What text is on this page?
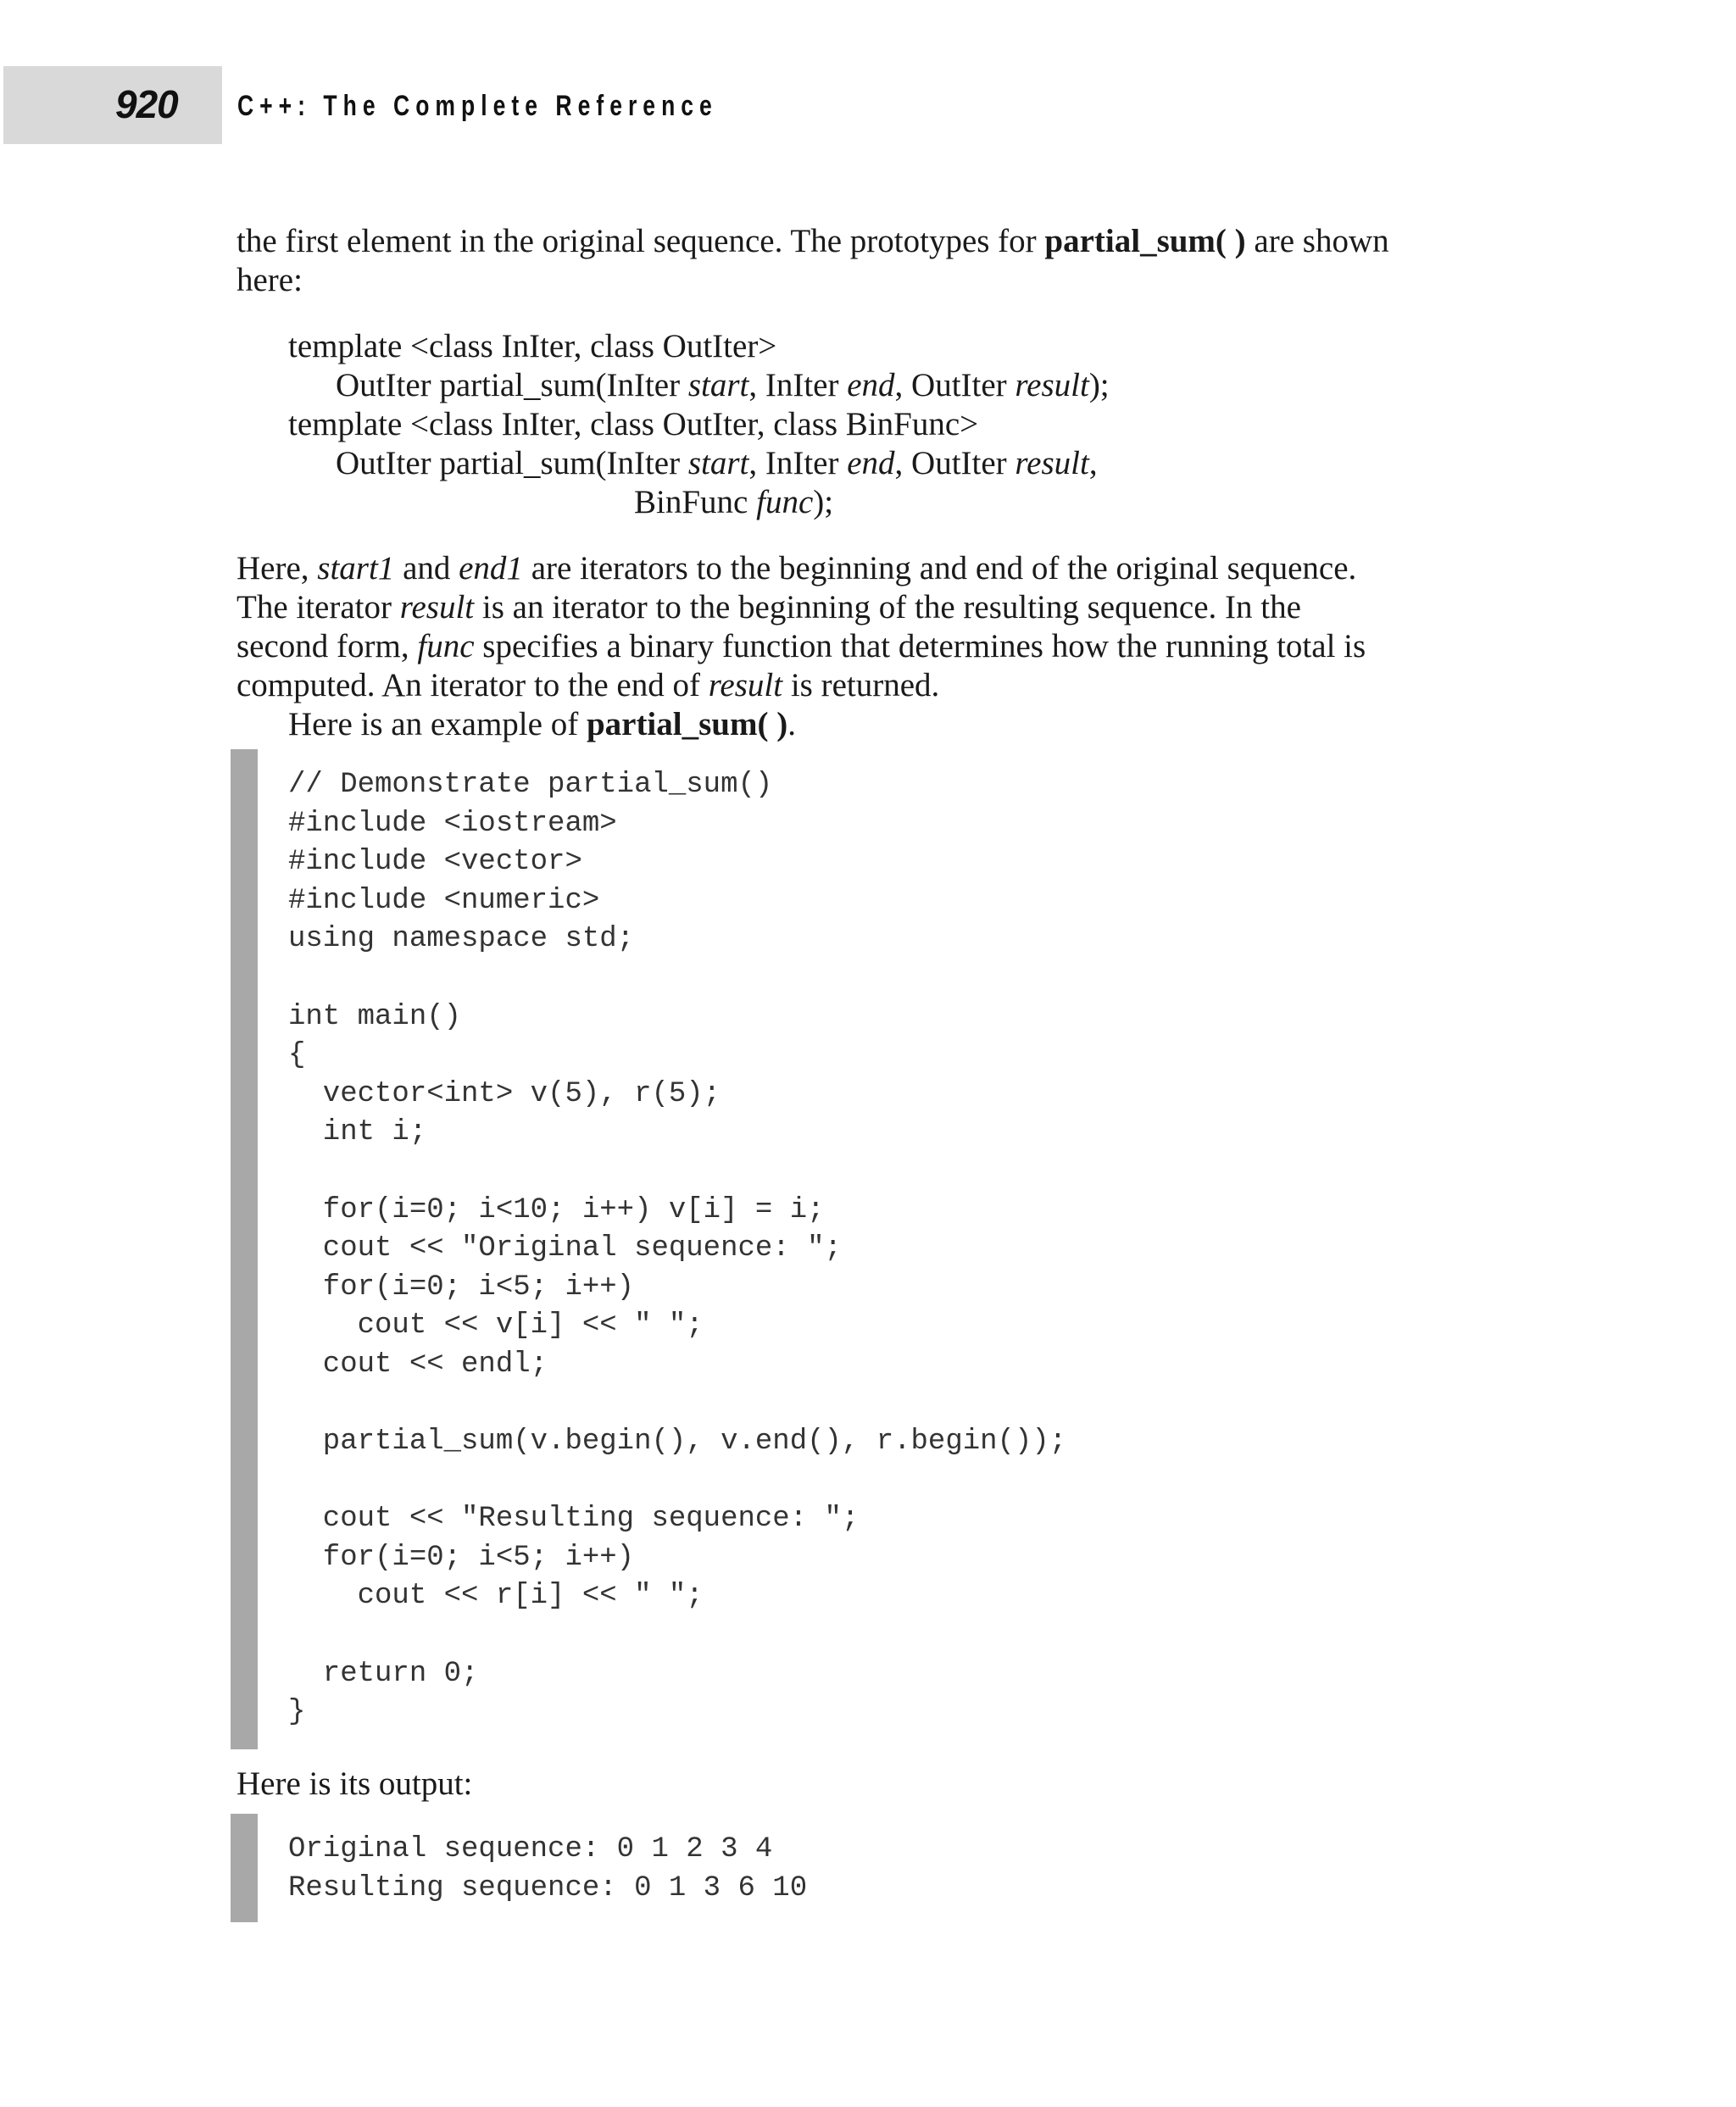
920 C++: The Complete Reference
the first element in the original sequence. The prototypes for partial_sum( ) are shown
here:
template <class InIter, class OutIter>
OutIter partial_sum(InIter start, InIter end, OutIter result);
template <class InIter, class OutIter, class BinFunc>
OutIter partial_sum(InIter start, InIter end, OutIter result,
BinFunc func);
Here, start1 and end1 are iterators to the beginning and end of the original sequence.
The iterator result is an iterator to the beginning of the resulting sequence. In the
second form, func specifies a binary function that determines how the running total is
computed. An iterator to the end of result is returned.
Here is an example of partial_sum( ).
// Demonstrate partial_sum()
#include <iostream>
#include <vector>
#include <numeric>
using namespace std;

int main()
{
vector<int> v(5), r(5);
int i;

for(i=0; i<10; i++) v[i] = i;
cout << "Original sequence: ";
for(i=0; i<5; i++)
cout << v[i] << " ";
cout << endl;

partial_sum(v.begin(), v.end(), r.begin());

cout << "Resulting sequence: ";
for(i=0; i<5; i++)
cout << r[i] << " ";

return 0;
}
Here is its output:
Original sequence: 0 1 2 3 4
Resulting sequence: 0 1 3 6 10
